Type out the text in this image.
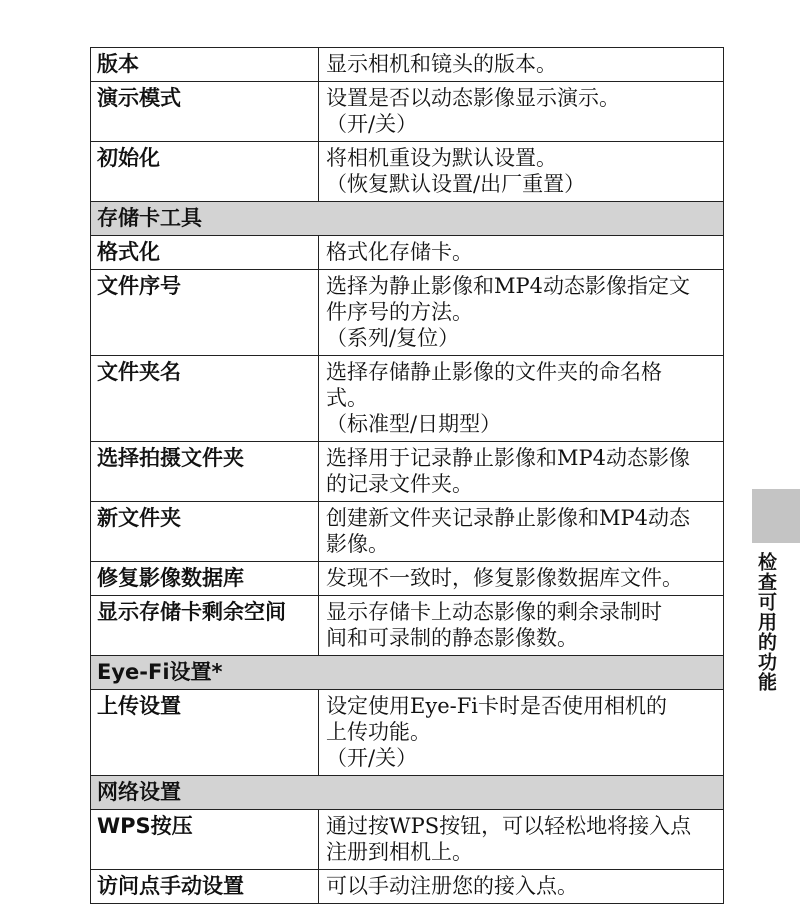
版本	显示相机和镜头的版本。

演示模式	设置是否以动态影像显示演示。
（开/关）

初始化	将相机重设为默认设置。
（恢复默认设置/出厂重置）

存储卡工具	
格式化	格式化存储卡。

文件序号	选择为静止影像和MP4动态影像指定文
件序号的方法。
（系列/复位）

文件夹名	选择存储静止影像的文件夹的命名格
式。
（标准型/日期型）

选择拍摄文件夹	选择用于记录静止影像和MP4动态影像
的记录文件夹。

新文件夹	创建新文件夹记录静止影像和MP4动态
影像。

修复影像数据库	发现不一致时，修复影像数据库文件。

显示存储卡剩余空间	显示存储卡上动态影像的剩余录制时
间和可录制的静态影像数。

Eye-Fi设置*	
上传设置	设定使用Eye-Fi卡时是否使用相机的
上传功能。
（开/关）

网络设置	
WPS按压	通过按WPS按钮，可以轻松地将接入点
注册到相机上。

访问点手动设置	可以手动注册您的接入点。
检查可用的功能
